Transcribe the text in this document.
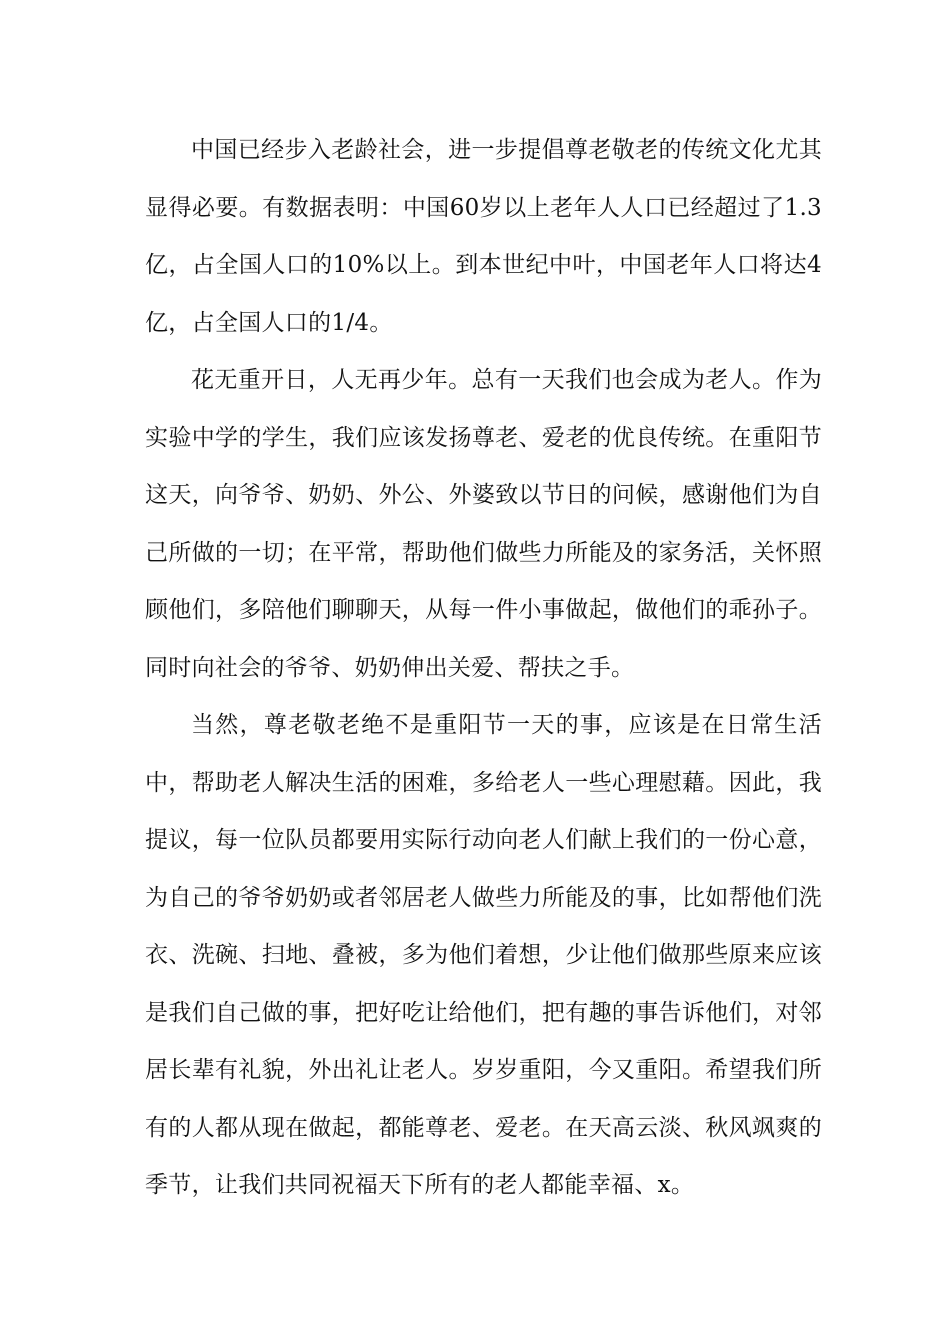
中国已经步入老龄社会，进一步提倡尊老敬老的传统文化尤其显得必要。有数据表明：中国60岁以上老年人人口已经超过了1.3亿，占全国人口的10%以上。到本世纪中叶，中国老年人口将达4亿，占全国人口的1/4。

花无重开日，人无再少年。总有一天我们也会成为老人。作为实验中学的学生，我们应该发扬尊老、爱老的优良传统。在重阳节这天，向爷爷、奶奶、外公、外婆致以节日的问候，感谢他们为自己所做的一切；在平常，帮助他们做些力所能及的家务活，关怀照顾他们，多陪他们聊聊天，从每一件小事做起，做他们的乖孙子。同时向社会的爷爷、奶奶伸出关爱、帮扶之手。

当然，尊老敬老绝不是重阳节一天的事，应该是在日常生活中，帮助老人解决生活的困难，多给老人一些心理慰藉。因此，我提议，每一位队员都要用实际行动向老人们献上我们的一份心意，为自己的爷爷奶奶或者邻居老人做些力所能及的事，比如帮他们洗衣、洗碗、扫地、叠被，多为他们着想，少让他们做那些原来应该是我们自己做的事，把好吃让给他们，把有趣的事告诉他们，对邻居长辈有礼貌，外出礼让老人。岁岁重阳，今又重阳。希望我们所有的人都从现在做起，都能尊老、爱老。在天高云淡、秋风飒爽的季节，让我们共同祝福天下所有的老人都能幸福、x。
